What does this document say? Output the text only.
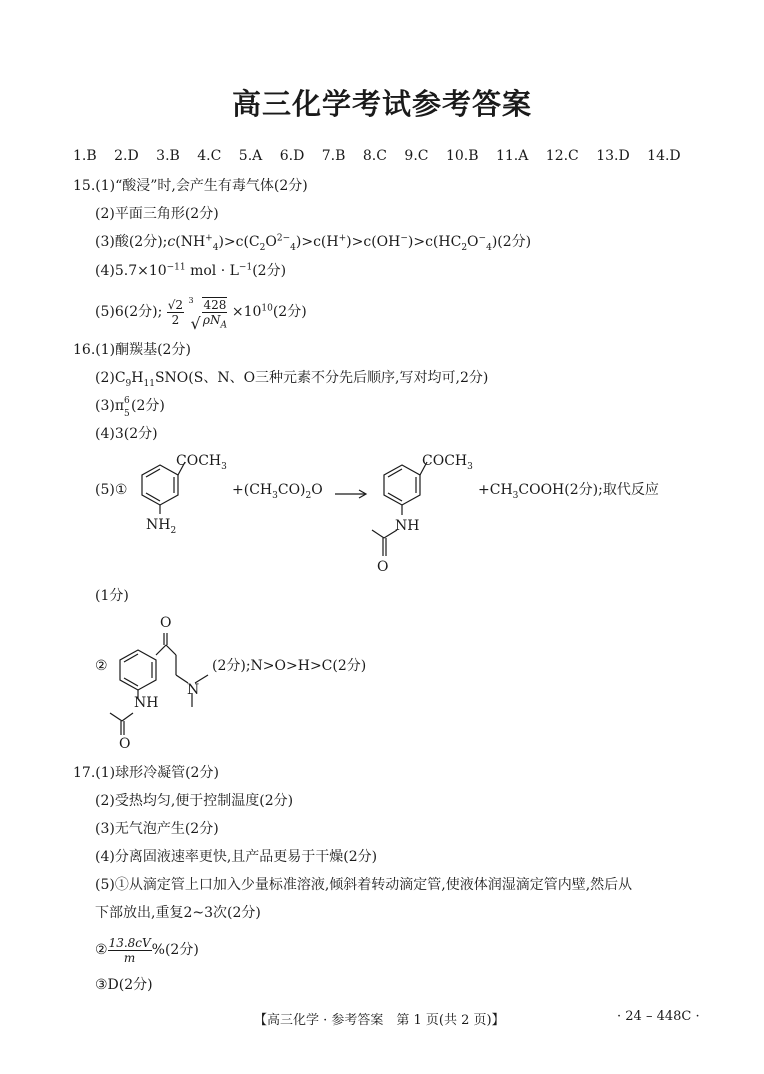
高三化学考试参考答案
1.B 2.D 3.B 4.C 5.A 6.D 7.B 8.C 9.C 10.B 11.A 12.C 13.D 14.D
15.(1)“酸浸”时,会产生有毒气体(2分)
(2)平面三角形(2分)
(3)酸(2分)$;c(NH^+_4)>c(C_2O^{2-}_4)>c(H^+)>c(OH^-)>c(HC_2O^-_4)(2$分)
$(4)5.7\times 10^{-11}$ mol · $L^{-1}(2$分)
(5)6(2分); $\frac{√2}{2}$
3
√ $\frac{428}{\rho N_A} \times 10^{10}(2$分)
16.(1)酮羰基(2分)
$(2)C_9H_{11}SNO(S$、N、O三种元素不分先后顺序,写对均可,2分)
(3)π 6
5 (2分)
(4)3(2分)
(5)①
$COCH_3$
$NH_2$
$+(CH_3CO)_2O$ →
$COCH_3$
NH
O
$+CH_3COOH(2$分);取代反应
(1分)
②
O
N
NH
O
(2分);N>O>H>C(2分)
17.(1)球形冷凝管(2分)
(2)受热均匀,便于控制温度(2分)
(3)无气泡产生(2分)
(4)分离固液速率更快,且产品更易于干燥(2分)
(5)①从滴定管上口加入少量标准溶液,倾斜着转动滴定管,使液体润湿滴定管内壁,然后从
下部放出,重复2~3次(2分)
② $\frac{13.8cV}{m} \%(2$分)
③D(2分)
【高三化学 · 参考答案　第 1 页(共 2 页)】	· 24 – 448C ·
